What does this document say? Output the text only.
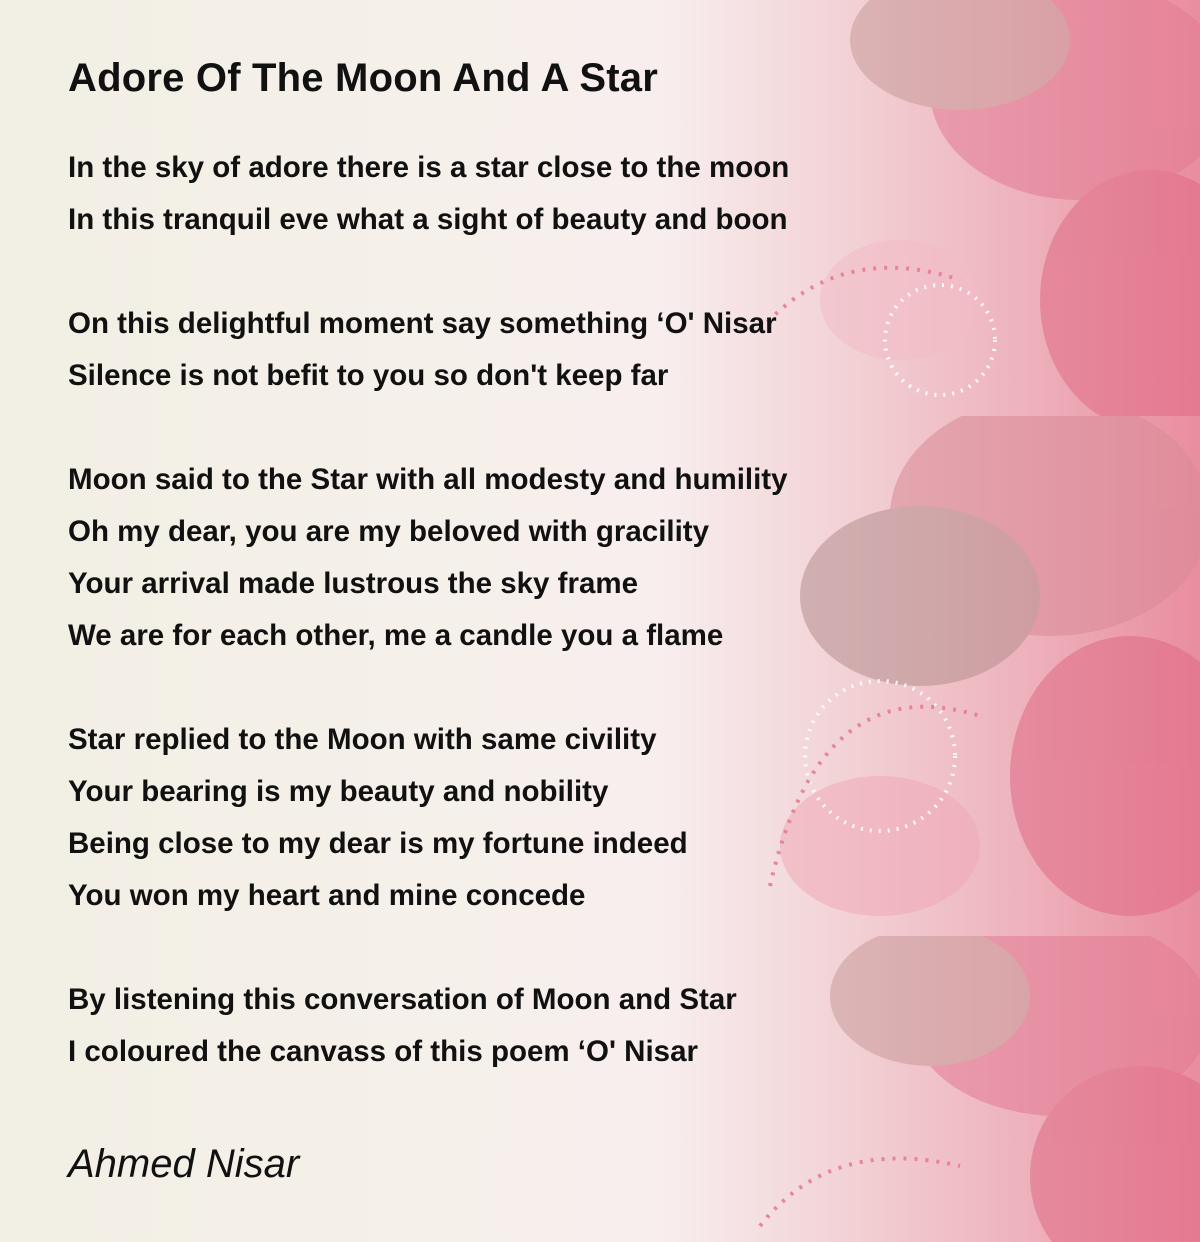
Adore Of The Moon And A Star
In the sky of adore there is a star close to the moon
In this tranquil eve what a sight of beauty and boon
On this delightful moment say something ‘O' Nisar
Silence is not befit to you so don't keep far
Moon said to the Star with all modesty and humility
Oh my dear, you are my beloved with gracility
Your arrival made lustrous the sky frame
We are for each other, me a candle you a flame
Star replied to the Moon with same civility
Your bearing is my beauty and nobility
Being close to my dear is my fortune indeed
You won my heart and mine concede
By listening this conversation of Moon and Star
I coloured the canvass of this poem ‘O' Nisar
Ahmed Nisar
